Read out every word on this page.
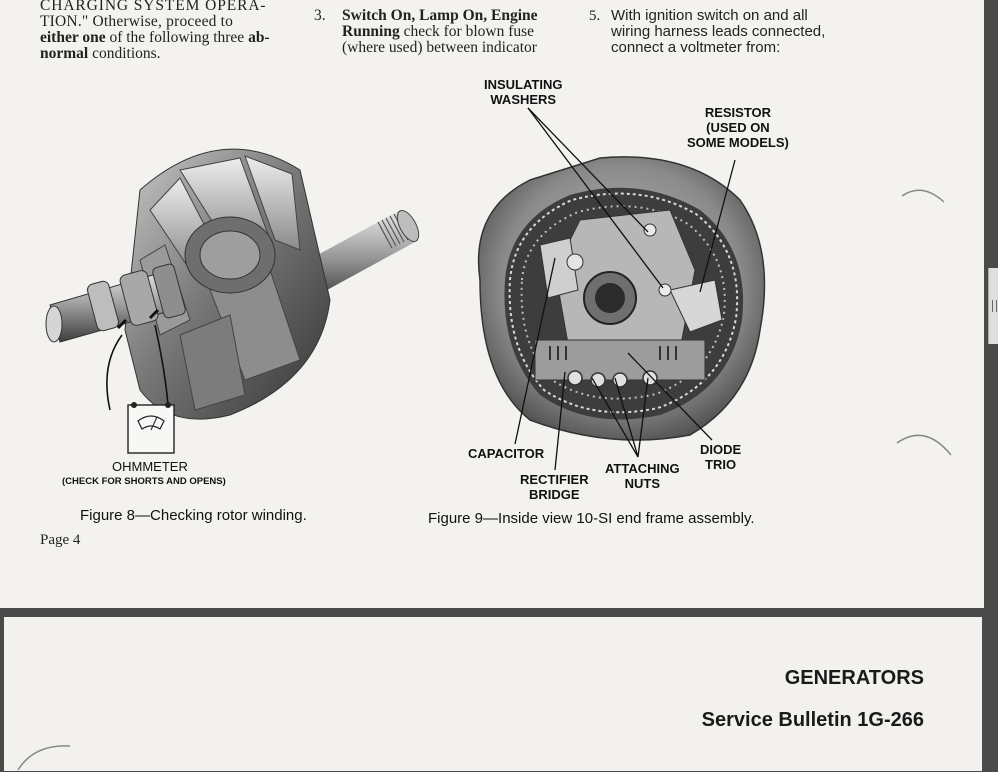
CHARGING SYSTEM OPERA-
TION." Otherwise, proceed to
either one of the following three ab-
normal conditions.
3. Switch On, Lamp On, Engine
Running check for blown fuse
(where used) between indicator
5. With ignition switch on and all
wiring harness leads connected,
connect a voltmeter from:
OHMMETER
(CHECK FOR SHORTS AND OPENS)
INSULATING
WASHERS
RESISTOR
(USED ON
SOME MODELS)
CAPACITOR
RECTIFIER
BRIDGE
ATTACHING
NUTS
DIODE
TRIO
Figure 8—Checking rotor winding.	Figure 9—Inside view 10-SI end frame assembly.
Page 4
GENERATORS
Service Bulletin 1G-266
